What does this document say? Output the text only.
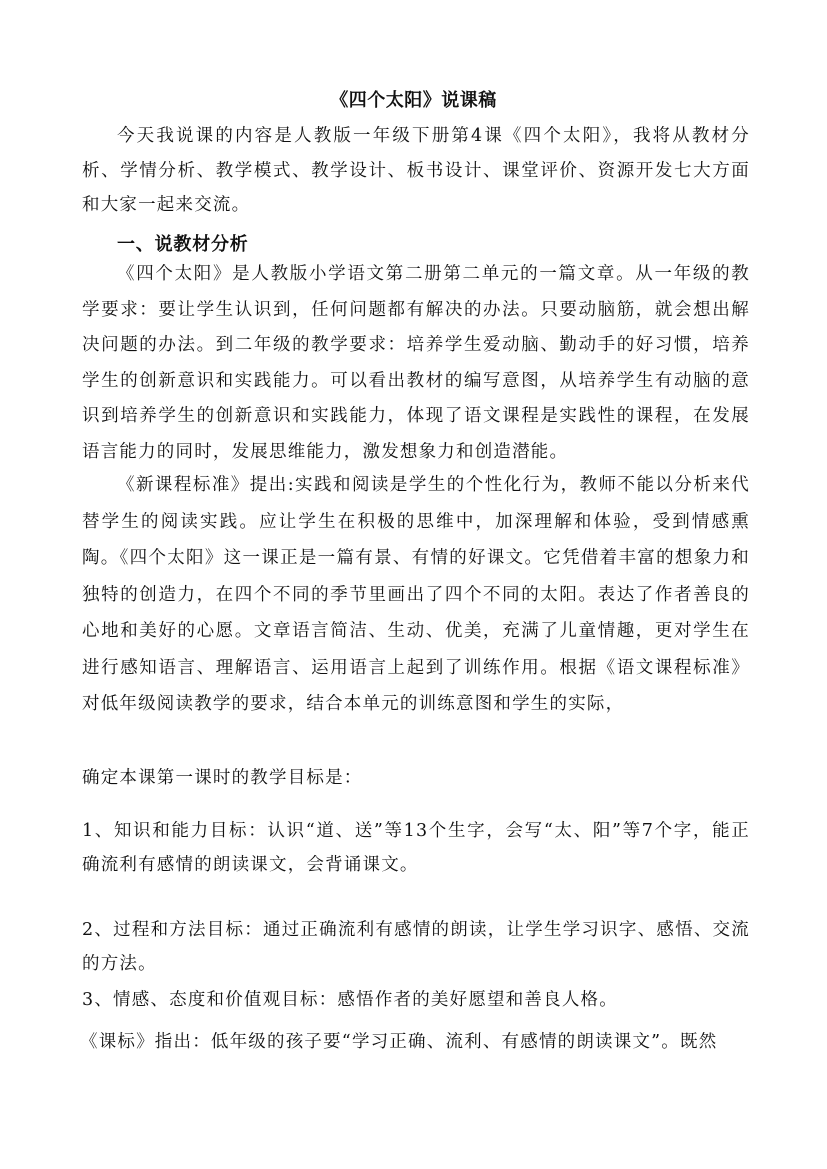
《四个太阳》说课稿
今天我说课的内容是人教版一年级下册第4课《四个太阳》，我将从教材分析、学情分析、教学模式、教学设计、板书设计、课堂评价、资源开发七大方面和大家一起来交流。
一、说教材分析
《四个太阳》是人教版小学语文第二册第二单元的一篇文章。从一年级的教学要求：要让学生认识到，任何问题都有解决的办法。只要动脑筋，就会想出解决问题的办法。到二年级的教学要求：培养学生爱动脑、勤动手的好习惯，培养学生的创新意识和实践能力。可以看出教材的编写意图，从培养学生有动脑的意识到培养学生的创新意识和实践能力，体现了语文课程是实践性的课程，在发展语言能力的同时，发展思维能力，激发想象力和创造潜能。
《新课程标准》提出:实践和阅读是学生的个性化行为，教师不能以分析来代替学生的阅读实践。应让学生在积极的思维中，加深理解和体验，受到情感熏陶。《四个太阳》这一课正是一篇有景、有情的好课文。它凭借着丰富的想象力和独特的创造力，在四个不同的季节里画出了四个不同的太阳。表达了作者善良的心地和美好的心愿。文章语言简洁、生动、优美，充满了儿童情趣，更对学生在进行感知语言、理解语言、运用语言上起到了训练作用。根据《语文课程标准》对低年级阅读教学的要求，结合本单元的训练意图和学生的实际，
确定本课第一课时的教学目标是：
1、知识和能力目标：认识“道、送”等13个生字，会写“太、阳”等7个字，能正确流利有感情的朗读课文，会背诵课文。
2、过程和方法目标：通过正确流利有感情的朗读，让学生学习识字、感悟、交流的方法。
3、情感、态度和价值观目标：感悟作者的美好愿望和善良人格。
《课标》指出：低年级的孩子要“学习正确、流利、有感情的朗读课文”。既然
